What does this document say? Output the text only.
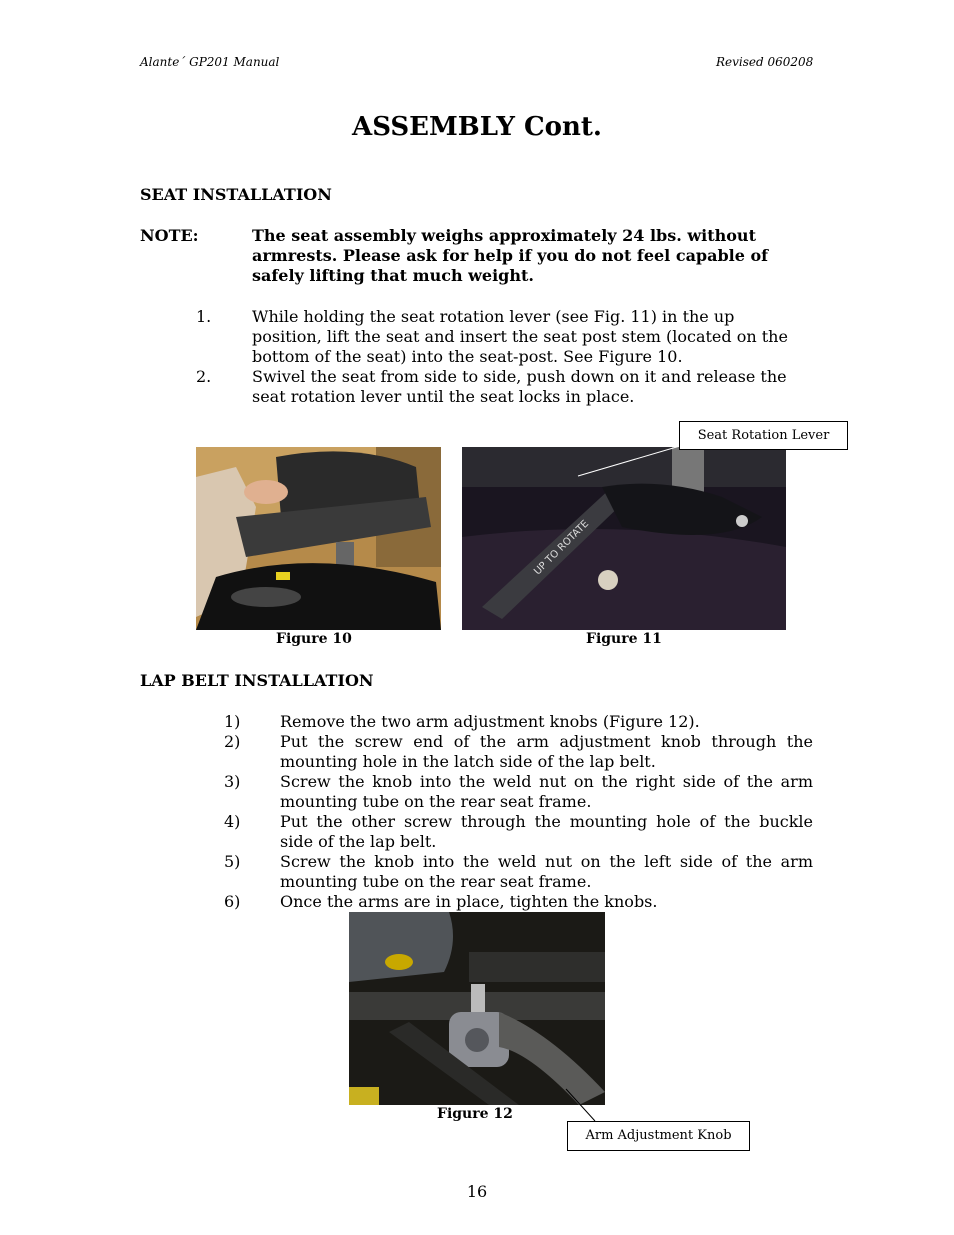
Alante´ GP201 Manual	Revised 060208
ASSEMBLY Cont.
SEAT INSTALLATION
NOTE:	The seat assembly weighs approximately 24 lbs. without
armrests. Please ask for help if you do not feel capable of
safely lifting that much weight.
1.	While holding the seat rotation lever (see Fig. 11) in the up
position, lift the seat and insert the seat post stem (located on the
bottom of the seat) into the seat-post. See Figure 10.
2.	Swivel the seat from side to side, push down on it and release the
seat rotation lever until the seat locks in place.
Figure 10
UP TO ROTATE
Figure 11
Seat Rotation Lever
LAP BELT INSTALLATION
1) Remove the two arm adjustment knobs (Figure 12).
2) Put the screw end of the arm adjustment knob through the
mounting hole in the latch side of the lap belt.
3) Screw the knob into the weld nut on the right side of the arm
mounting tube on the rear seat frame.
4) Put the other screw through the mounting hole of the buckle
side of the lap belt.
5) Screw the knob into the weld nut on the left side of the arm
mounting tube on the rear seat frame.
6) Once the arms are in place, tighten the knobs.
Figure 12
Arm Adjustment Knob
16
